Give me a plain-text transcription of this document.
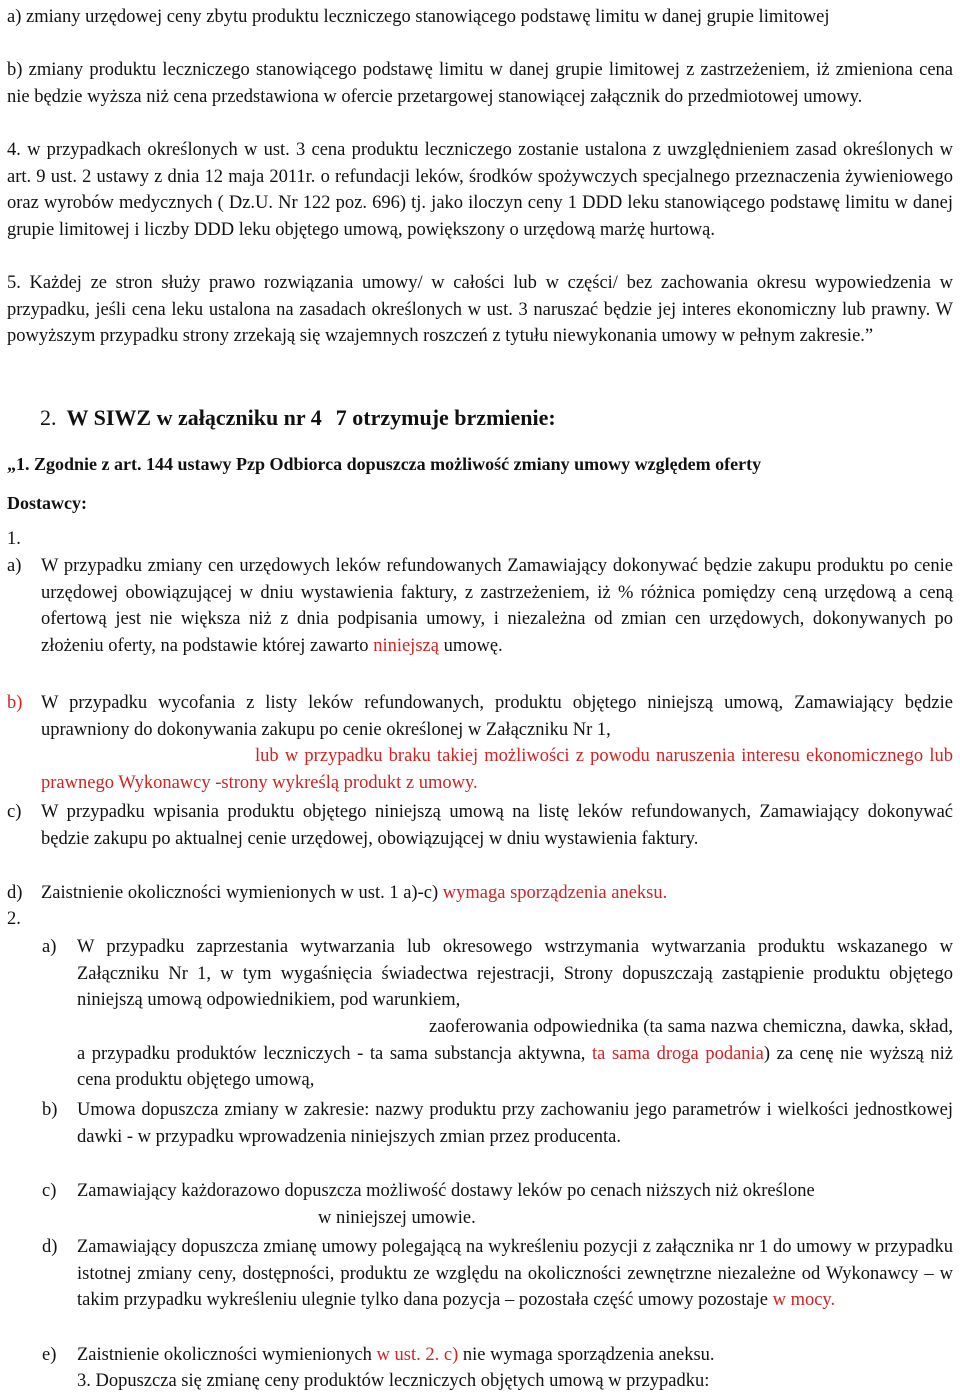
a) zmiany urzędowej ceny zbytu produktu leczniczego stanowiącego podstawę limitu w danej grupie limitowej

b) zmiany produktu leczniczego stanowiącego podstawę limitu w danej grupie limitowej z zastrzeżeniem, iż zmieniona cena nie będzie wyższa niż cena przedstawiona w ofercie przetargowej stanowiącej załącznik do przedmiotowej umowy.

4. w przypadkach określonych w ust. 3 cena produktu leczniczego zostanie ustalona z uwzględnieniem zasad określonych w art. 9 ust. 2 ustawy z dnia 12 maja 2011r. o refundacji leków, środków spożywczych specjalnego przeznaczenia żywieniowego oraz wyrobów medycznych ( Dz.U. Nr 122 poz. 696) tj. jako iloczyn ceny 1 DDD leku stanowiącego podstawę limitu w danej grupie limitowej i liczby DDD leku objętego umową, powiększony o urzędową marżę hurtową.

5. Każdej ze stron służy prawo rozwiązania umowy/ w całości lub w części/ bez zachowania okresu wypowiedzenia w przypadku, jeśli cena leku ustalona na zasadach określonych w ust. 3 naruszać będzie jej interes ekonomiczny lub prawny. W powyższym przypadku strony zrzekają się wzajemnych roszczeń z tytułu niewykonania umowy w pełnym zakresie.”

2. W SIWZ w załączniku nr 4 7 otrzymuje brzmienie:
„1. Zgodnie z art. 144 ustawy Pzp Odbiorca dopuszcza możliwość zmiany umowy względem oferty
Dostawcy:
1.
a) W przypadku zmiany cen urzędowych leków refundowanych Zamawiający dokonywać będzie zakupu produktu po cenie urzędowej obowiązującej w dniu wystawienia faktury, z zastrzeżeniem, iż % różnica pomiędzy ceną urzędową a ceną ofertową jest nie większa niż z dnia podpisania umowy, i niezależna od zmian cen urzędowych, dokonywanych po złożeniu oferty, na podstawie której zawarto niniejszą umowę.

b) W przypadku wycofania z listy leków refundowanych, produktu objętego niniejszą umową, Zamawiający będzie uprawniony do dokonywania zakupu po cenie określonej w Załączniku Nr 1,

lub w przypadku braku takiej możliwości z powodu naruszenia interesu ekonomicznego lub prawnego Wykonawcy -strony wykreślą produkt z umowy.

c) W przypadku wpisania produktu objętego niniejszą umową na listę leków refundowanych, Zamawiający dokonywać będzie zakupu po aktualnej cenie urzędowej, obowiązującej w dniu wystawienia faktury.

d) Zaistnienie okoliczności wymienionych w ust. 1 a)-c) wymaga sporządzenia aneksu.

2.
a) W przypadku zaprzestania wytwarzania lub okresowego wstrzymania wytwarzania produktu wskazanego w Załączniku Nr 1, w tym wygaśnięcia świadectwa rejestracji, Strony dopuszczają zastąpienie produktu objętego niniejszą umową odpowiednikiem, pod warunkiem,

zaoferowania odpowiednika (ta sama nazwa chemiczna, dawka, skład, a przypadku produktów leczniczych - ta sama substancja aktywna, ta sama droga podania) za cenę nie wyższą niż cena produktu objętego umową,

b) Umowa dopuszcza zmiany w zakresie: nazwy produktu przy zachowaniu jego parametrów i wielkości jednostkowej dawki - w przypadku wprowadzenia niniejszych zmian przez producenta.

c) Zamawiający każdorazowo dopuszcza możliwość dostawy leków po cenach niższych niż określone

w niniejszej umowie.

d) Zamawiający dopuszcza zmianę umowy polegającą na wykreśleniu pozycji z załącznika nr 1 do umowy w przypadku istotnej zmiany ceny, dostępności, produktu ze względu na okoliczności zewnętrzne niezależne od Wykonawcy – w takim przypadku wykreśleniu ulegnie tylko dana pozycja – pozostała część umowy pozostaje w mocy.

e) Zaistnienie okoliczności wymienionych w ust. 2. c) nie wymaga sporządzenia aneksu.

3. Dopuszcza się zmianę ceny produktów leczniczych objętych umową w przypadku:
